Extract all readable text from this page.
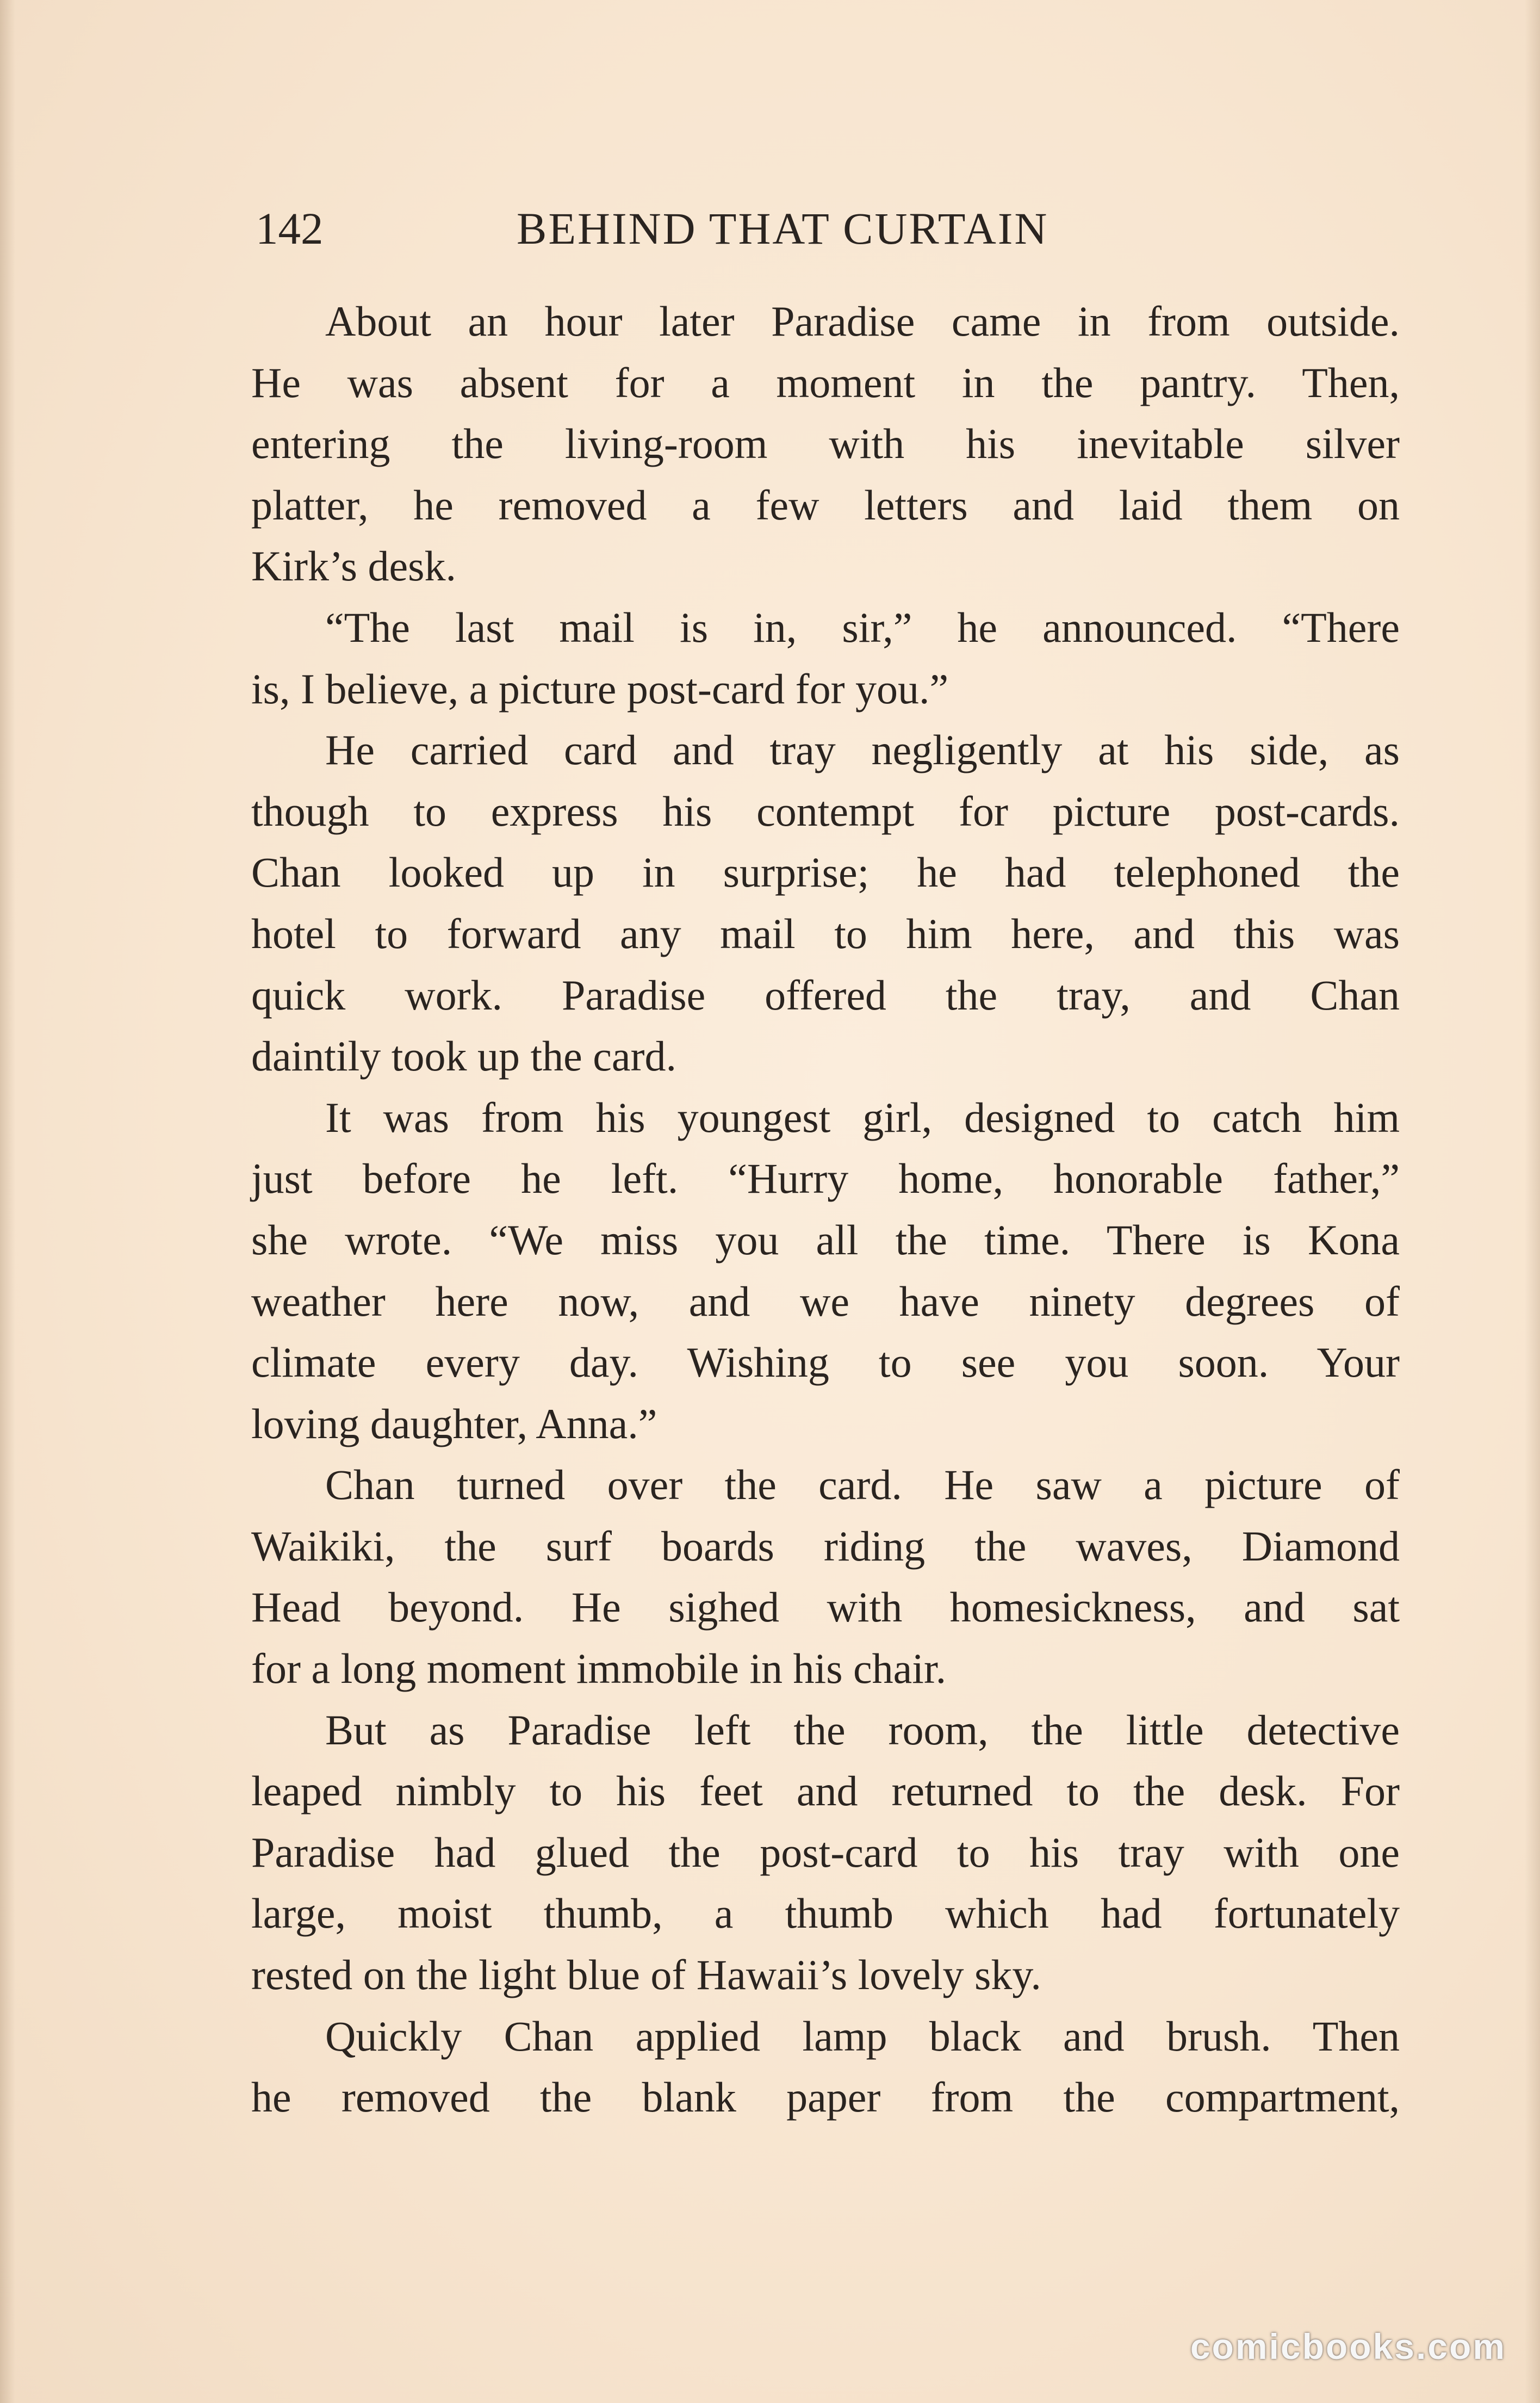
142	BEHIND THAT CURTAIN
About an hour later Paradise came in from outside.
He was absent for a moment in the pantry. Then,
entering the living-room with his inevitable silver
platter, he removed a few letters and laid them on
Kirk’s desk.
“The last mail is in, sir,” he announced. “There
is, I believe, a picture post-card for you.”
He carried card and tray negligently at his side, as
though to express his contempt for picture post-cards.
Chan looked up in surprise; he had telephoned the
hotel to forward any mail to him here, and this was
quick work. Paradise offered the tray, and Chan
daintily took up the card.
It was from his youngest girl, designed to catch him
just before he left. “Hurry home, honorable father,”
she wrote. “We miss you all the time. There is Kona
weather here now, and we have ninety degrees of
climate every day. Wishing to see you soon. Your
loving daughter, Anna.”
Chan turned over the card. He saw a picture of
Waikiki, the surf boards riding the waves, Diamond
Head beyond. He sighed with homesickness, and sat
for a long moment immobile in his chair.
But as Paradise left the room, the little detective
leaped nimbly to his feet and returned to the desk. For
Paradise had glued the post-card to his tray with one
large, moist thumb, a thumb which had fortunately
rested on the light blue of Hawaii’s lovely sky.
Quickly Chan applied lamp black and brush. Then
he removed the blank paper from the compartment,
comicbooks.com
